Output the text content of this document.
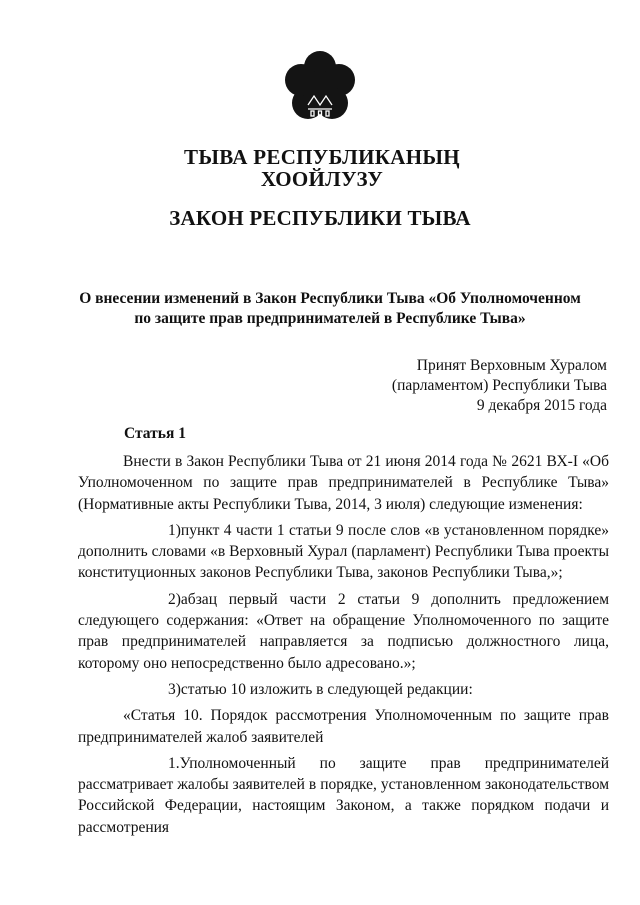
ТЫВА РЕСПУБЛИКАНЫҢ
ХООЙЛУЗУ
ЗАКОН РЕСПУБЛИКИ ТЫВА
О внесении изменений в Закон Республики Тыва «Об Уполномоченном
по защите прав предпринимателей в Республике Тыва»
Принят Верховным Хуралом
(парламентом) Республики Тыва
9 декабря 2015 года
Статья 1

Внести в Закон Республики Тыва от 21 июня 2014 года № 2621 ВХ-I «Об Уполномоченном по защите прав предпринимателей в Республике Тыва» (Нормативные акты Республики Тыва, 2014, 3 июля) следующие изменения:

1)пункт 4 части 1 статьи 9 после слов «в установленном порядке» дополнить словами «в Верховный Хурал (парламент) Республики Тыва проекты конституционных законов Республики Тыва, законов Республики Тыва,»;

2)абзац первый части 2 статьи 9 дополнить предложением следующего содержания: «Ответ на обращение Уполномоченного по защите прав предпринимателей направляется за подписью должностного лица, которому оно непосредственно было адресовано.»;

3)статью 10 изложить в следующей редакции:

«Статья 10. Порядок рассмотрения Уполномоченным по защите прав предпринимателей жалоб заявителей

1.Уполномоченный по защите прав предпринимателей рассматривает жалобы заявителей в порядке, установленном законодательством Российской Федерации, настоящим Законом, а также порядком подачи и рассмотрения
